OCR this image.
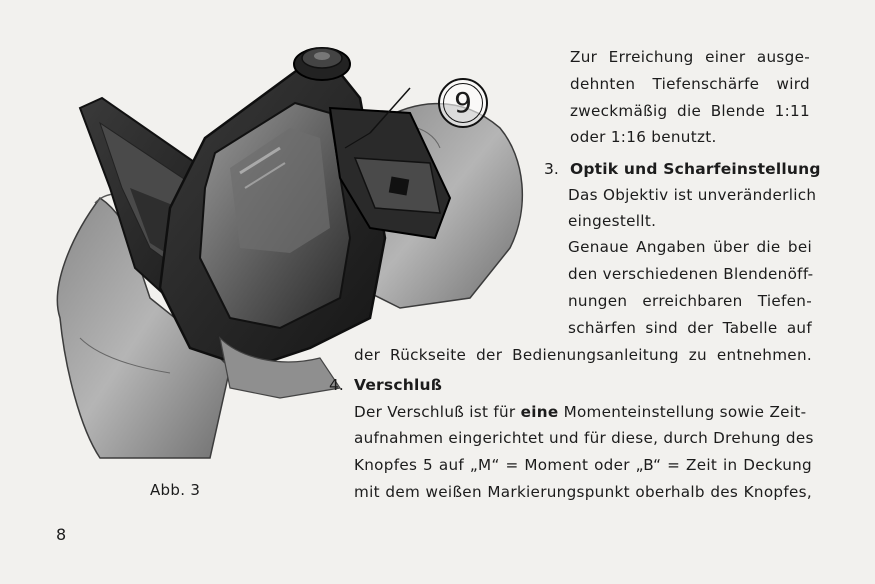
9
Abb. 3
8
Zur Erreichung einer ausge-
dehnten Tiefenschärfe wird
zweckmäßig die Blende 1:11
oder 1:16 benutzt.
3. Optik und Scharfeinstellung
Das Objektiv ist unveränderlich
eingestellt.
Genaue Angaben über die bei
den verschiedenen Blendenöff-
nungen erreichbaren Tiefen-
schärfen sind der Tabelle auf
der Rückseite der Bedienungsanleitung zu entnehmen.
4. Verschluß
Der Verschluß ist für eine Momenteinstellung sowie Zeit-
aufnahmen eingerichtet und für diese, durch Drehung des
Knopfes 5 auf „M“ = Moment oder „B“ = Zeit in Deckung
mit dem weißen Markierungspunkt oberhalb des Knopfes,
